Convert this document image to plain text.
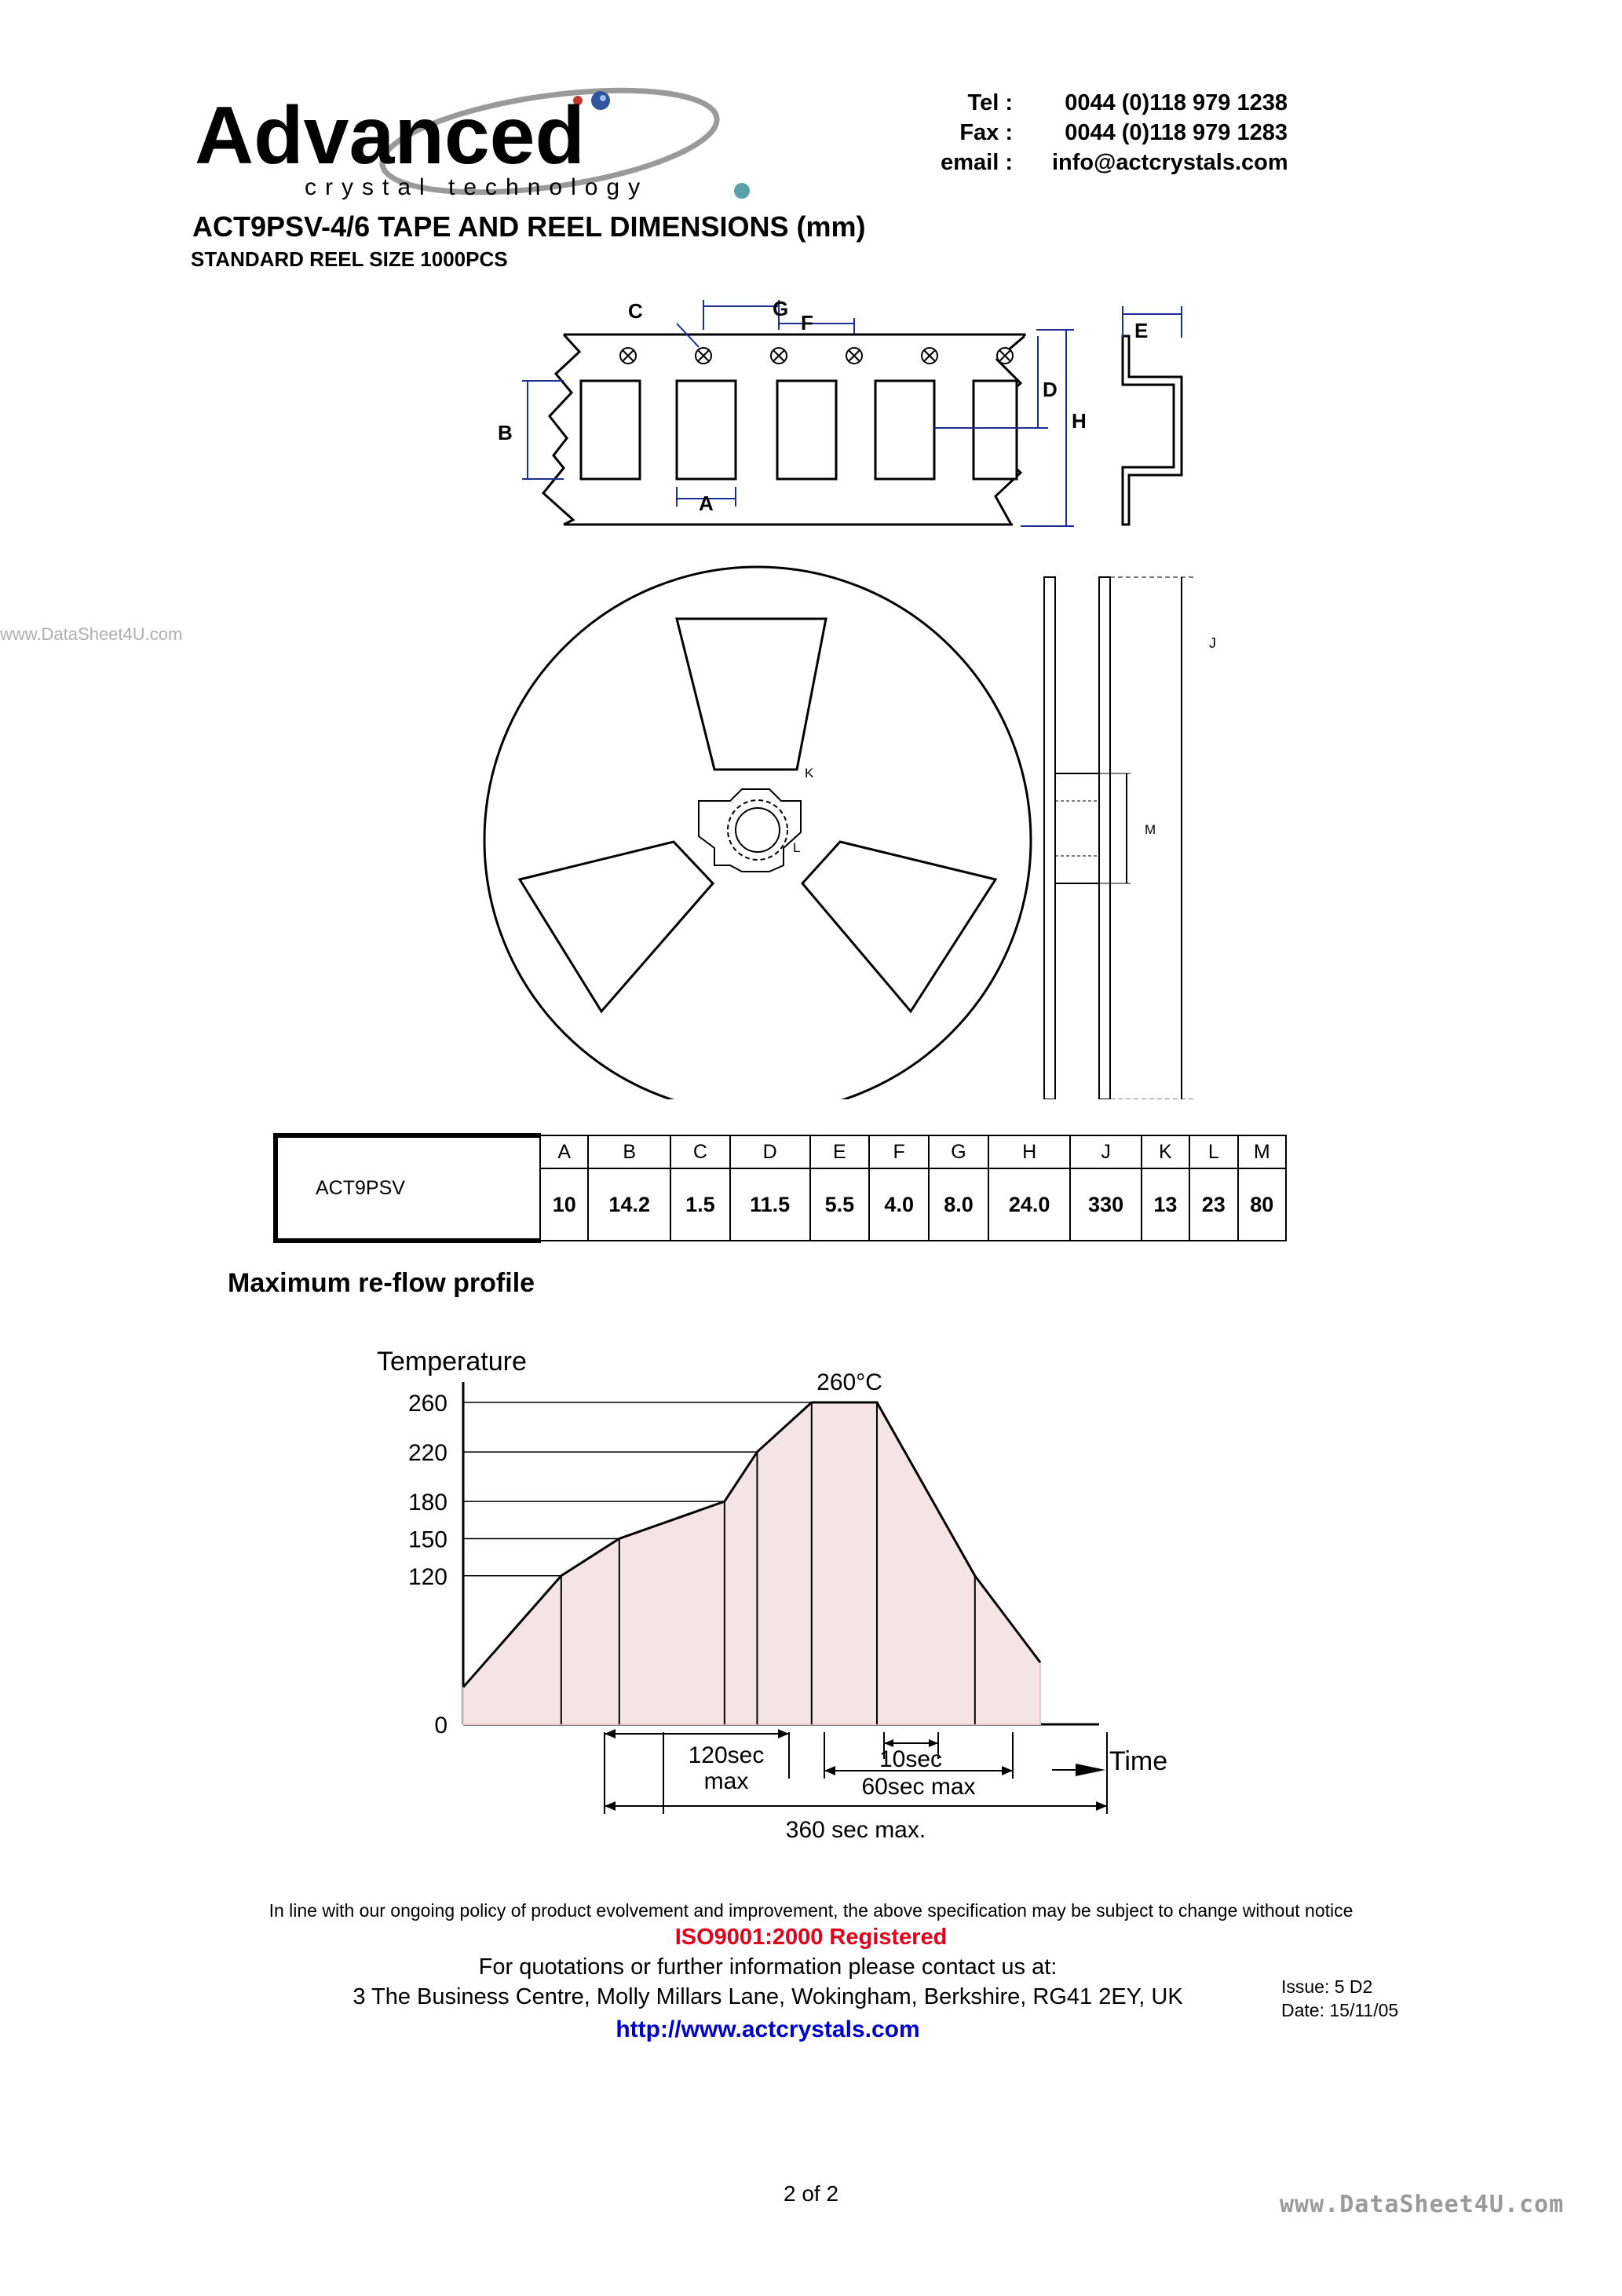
www.DataSheet4U.com
www.DataSheet4U.com
Advanced
crystal technology
Tel :	0044 (0)118 979 1238
Fax :	0044 (0)118 979 1283
email : info@actcrystals.com
ACT9PSV-4/6 TAPE AND REEL DIMENSIONS (mm)
STANDARD REEL SIZE 1000PCS
C	G
F	E
D
H
B
A
K
L
J
M
ACT9PSV	A	B	C	D	E	F	G	H	J	K	L	M
	10	14.2	1.5	11.5	5.5	4.0	8.0	24.0	330	13	23	80
Maximum re-flow profile
Temperature
Time
0
120
150
180
220
260
260°C
120sec
max
10sec
60sec max
360 sec max.
In line with our ongoing policy of product evolvement and improvement, the above specification may be subject to change without notice
ISO9001:2000 Registered
For quotations or further information please contact us at:
3 The Business Centre, Molly Millars Lane, Wokingham, Berkshire, RG41 2EY, UK
http://www.actcrystals.com
Issue: 5 D2
Date: 15/11/05
2 of 2
